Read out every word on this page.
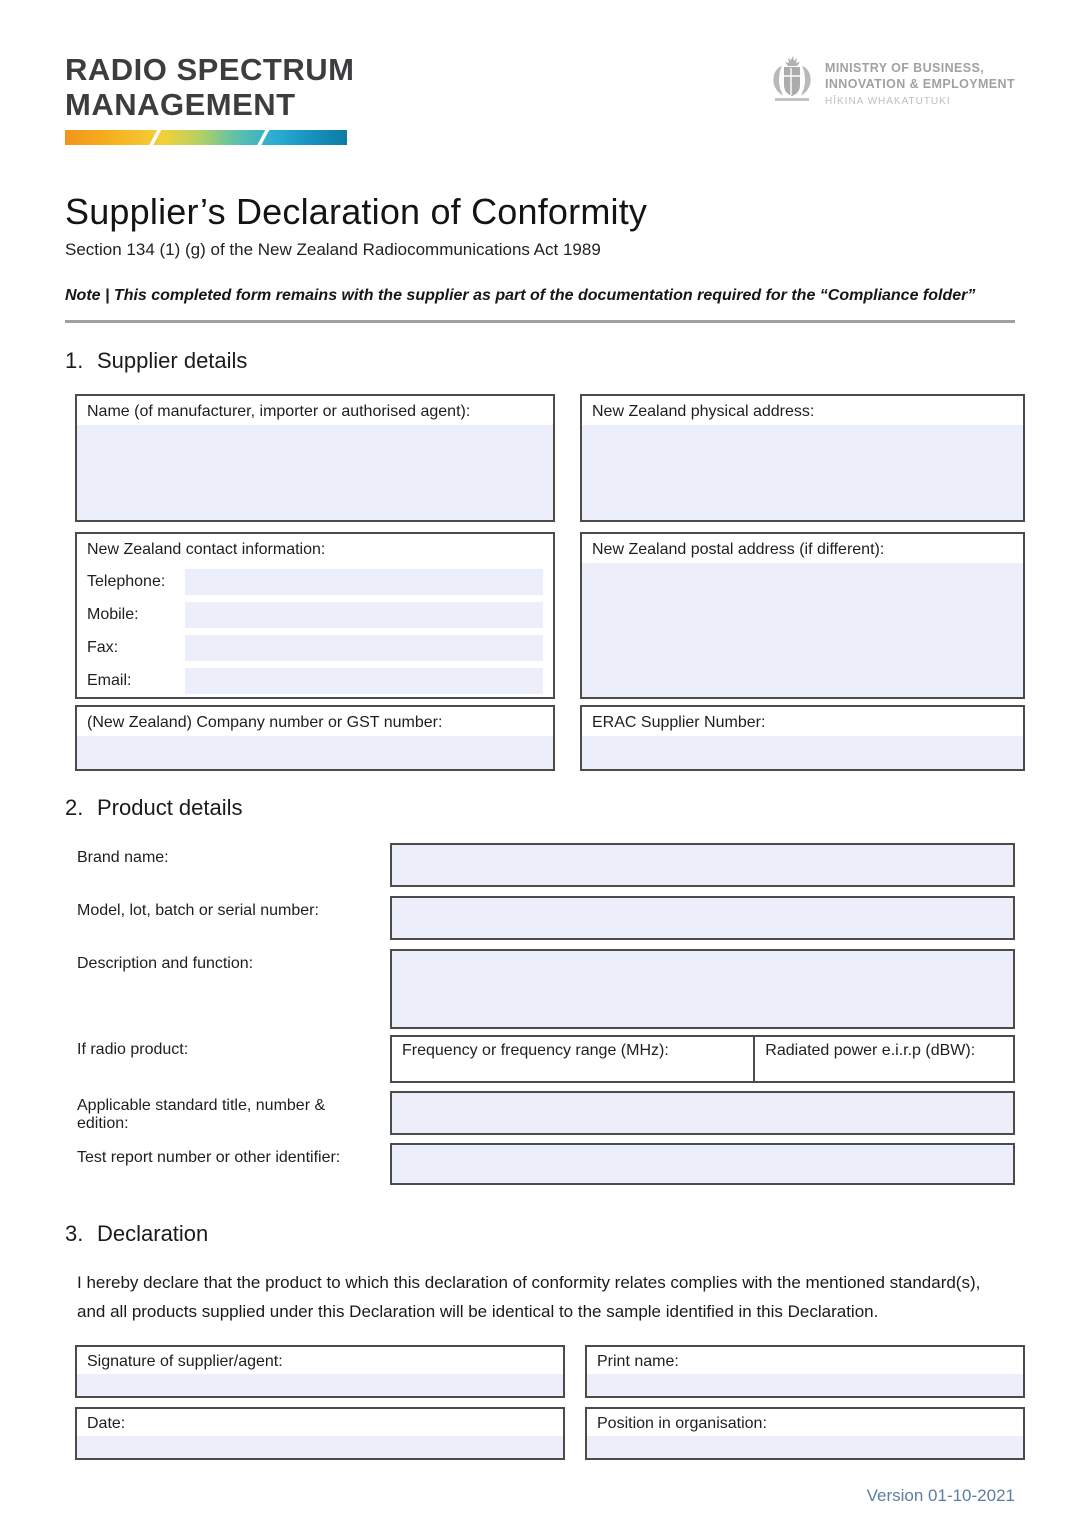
RADIO SPECTRUM
MANAGEMENT
MINISTRY OF BUSINESS,
INNOVATION & EMPLOYMENT
HĪKINA WHAKATUTUKI
Supplier’s Declaration of Conformity
Section 134 (1) (g) of the New Zealand Radiocommunications Act 1989
Note | This completed form remains with the supplier as part of the documentation required for the “Compliance folder”
1. Supplier details
Name (of manufacturer, importer or authorised agent):	New Zealand physical address:
New Zealand contact information:
Telephone:
Mobile:
Fax:
Email:
New Zealand postal address (if different):
(New Zealand) Company number or GST number:	ERAC Supplier Number:
2. Product details
Brand name:
Model, lot, batch or serial number:
Description and function:
If radio product:	Frequency or frequency range (MHz):	Radiated power e.i.r.p (dBW):
Applicable standard title, number & edition:
Test report number or other identifier:
3. Declaration
I hereby declare that the product to which this declaration of conformity relates complies with the mentioned standard(s), and all products supplied under this Declaration will be identical to the sample identified in this Declaration.
Signature of supplier/agent:	Print name:
Date:	Position in organisation:
Version 01-10-2021
